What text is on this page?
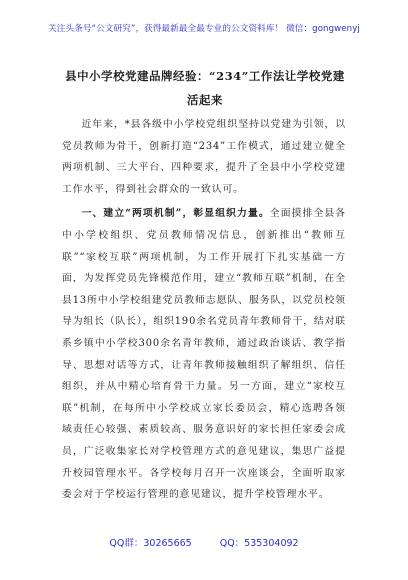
关注头条号“公文研究”，获得最新最全最专业的公文资料库！ 微信：gongwenyj
县中小学校党建品牌经验：“234”工作法让学校党建活起来

近年来，*县各级中小学校党组织坚持以党建为引领，以党员教师为骨干，创新打造“234”工作模式，通过建立健全两项机制、三大平台、四种要求，提升了全县中小学校党建工作水平，得到社会群众的一致认可。

一、建立“两项机制”，彰显组织力量。全面摸排全县各中小学校组织、党员教师情况信息，创新推出“教师互联”“家校互联”两项机制，为工作开展打下扎实基础一方面，为发挥党员先锋模范作用，建立“教师互联”机制，在全县13所中小学校组建党员教师志愿队、服务队，以党员校领导为组长（队长），组织190余名党员青年教师骨干，结对联系乡镇中小学校300余名青年教师，通过政治谈话、教学指导、思想对话等方式，让青年教师接触组织了解组织、信任组织，并从中精心培育骨干力量。另一方面，建立“家校互联”机制，在每所中小学校成立家长委员会，精心选聘各领域责任心较强、素质较高、服务意识好的家长担任家委会成员，广泛收集家长对学校管理方式的意见建议，集思广益提升校园管理水平。各学校每月召开一次座谈会，全面听取家委会对于学校运行管理的意见建议，提升学校管理水平。

QQ群：30265665	QQ：535304092
